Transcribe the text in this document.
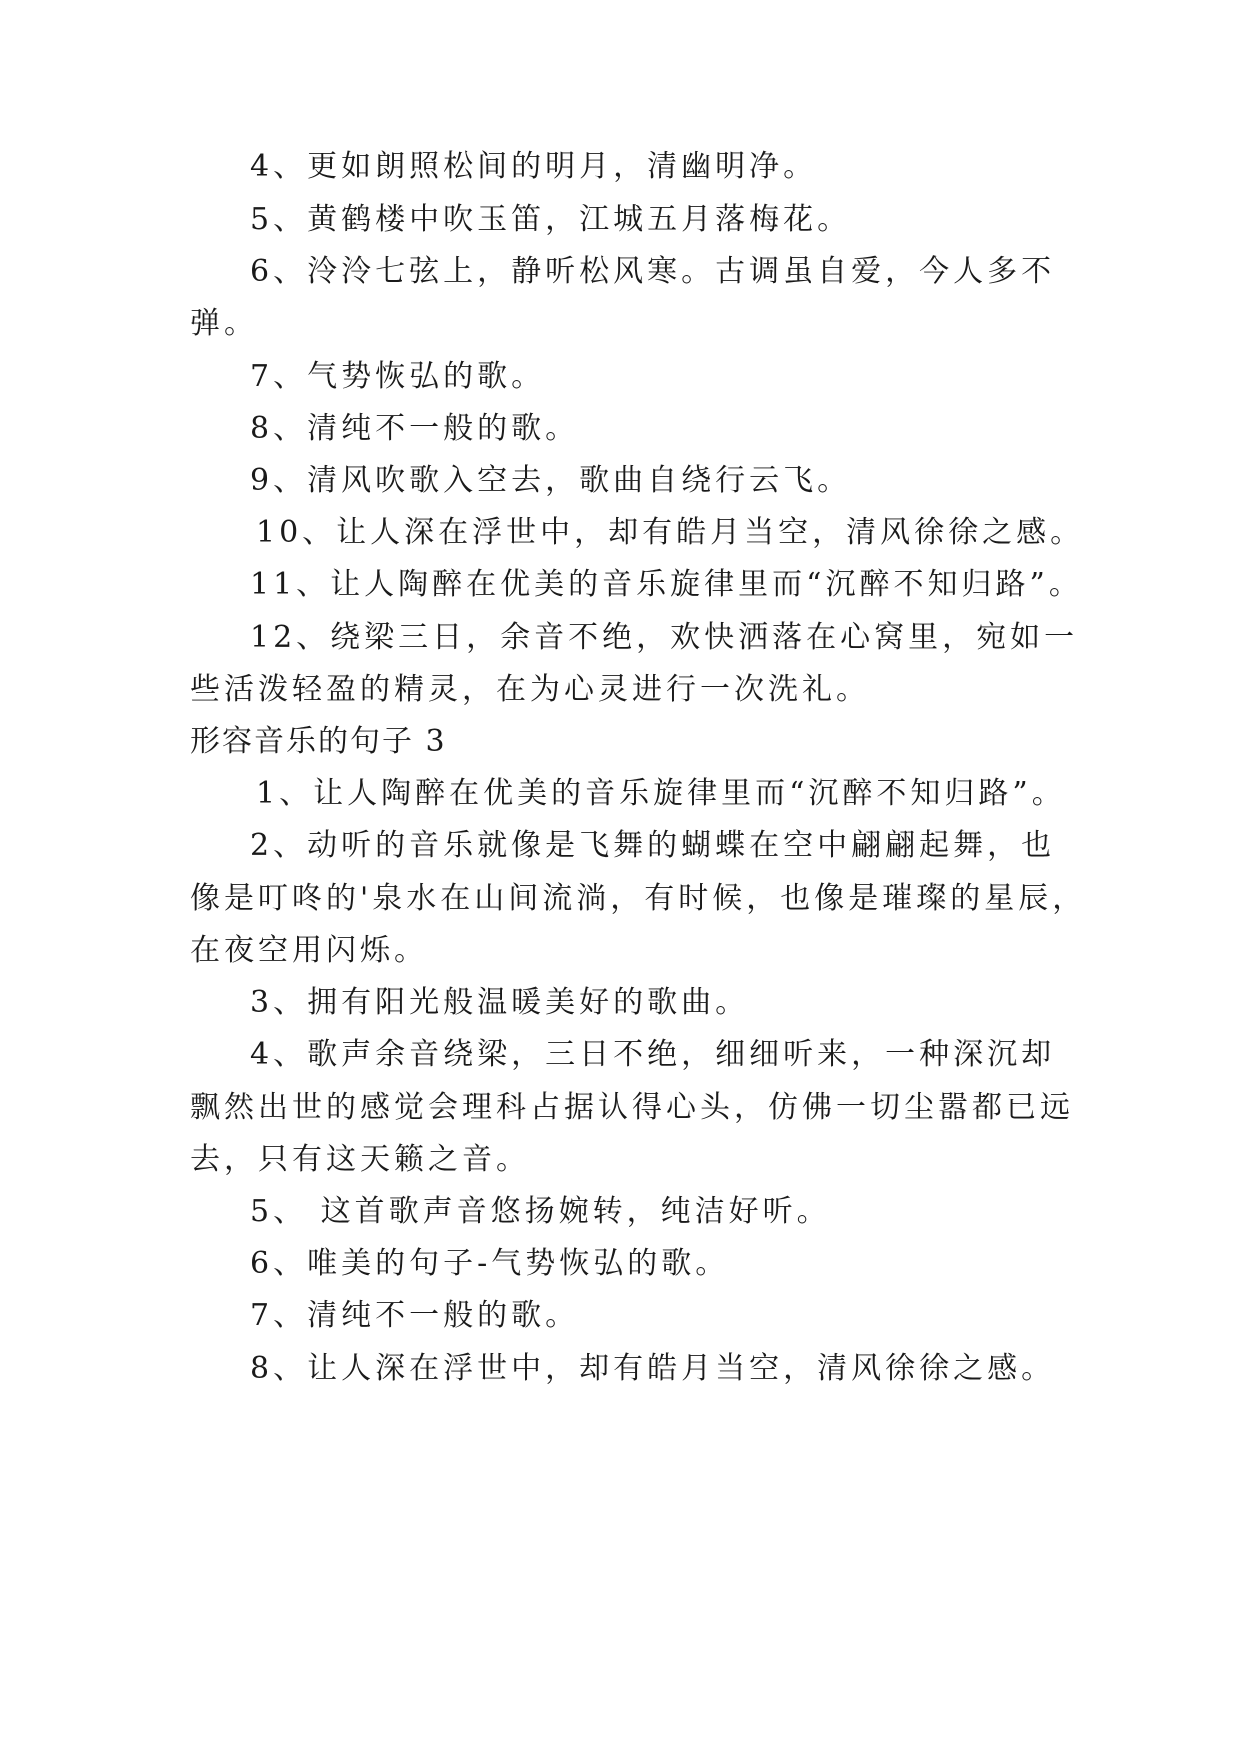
4、更如朗照松间的明月，清幽明净。
5、黄鹤楼中吹玉笛，江城五月落梅花。
6、泠泠七弦上，静听松风寒。古调虽自爱，今人多不
弹。
7、气势恢弘的歌。
8、清纯不一般的歌。
9、清风吹歌入空去，歌曲自绕行云飞。
10、让人深在浮世中，却有皓月当空，清风徐徐之感。
11、让人陶醉在优美的音乐旋律里而“沉醉不知归路”。
12、绕梁三日，余音不绝，欢快洒落在心窝里，宛如一
些活泼轻盈的精灵，在为心灵进行一次洗礼。
形容音乐的句子 3
1、让人陶醉在优美的音乐旋律里而“沉醉不知归路”。
2、动听的音乐就像是飞舞的蝴蝶在空中翩翩起舞，也
像是叮咚的'泉水在山间流淌，有时候，也像是璀璨的星辰，
在夜空用闪烁。
3、拥有阳光般温暖美好的歌曲。
4、歌声余音绕梁，三日不绝，细细听来，一种深沉却
飘然出世的感觉会理科占据认得心头，仿佛一切尘嚣都已远
去，只有这天籁之音。
5、 这首歌声音悠扬婉转，纯洁好听。
6、唯美的句子-气势恢弘的歌。
7、清纯不一般的歌。
8、让人深在浮世中，却有皓月当空，清风徐徐之感。
